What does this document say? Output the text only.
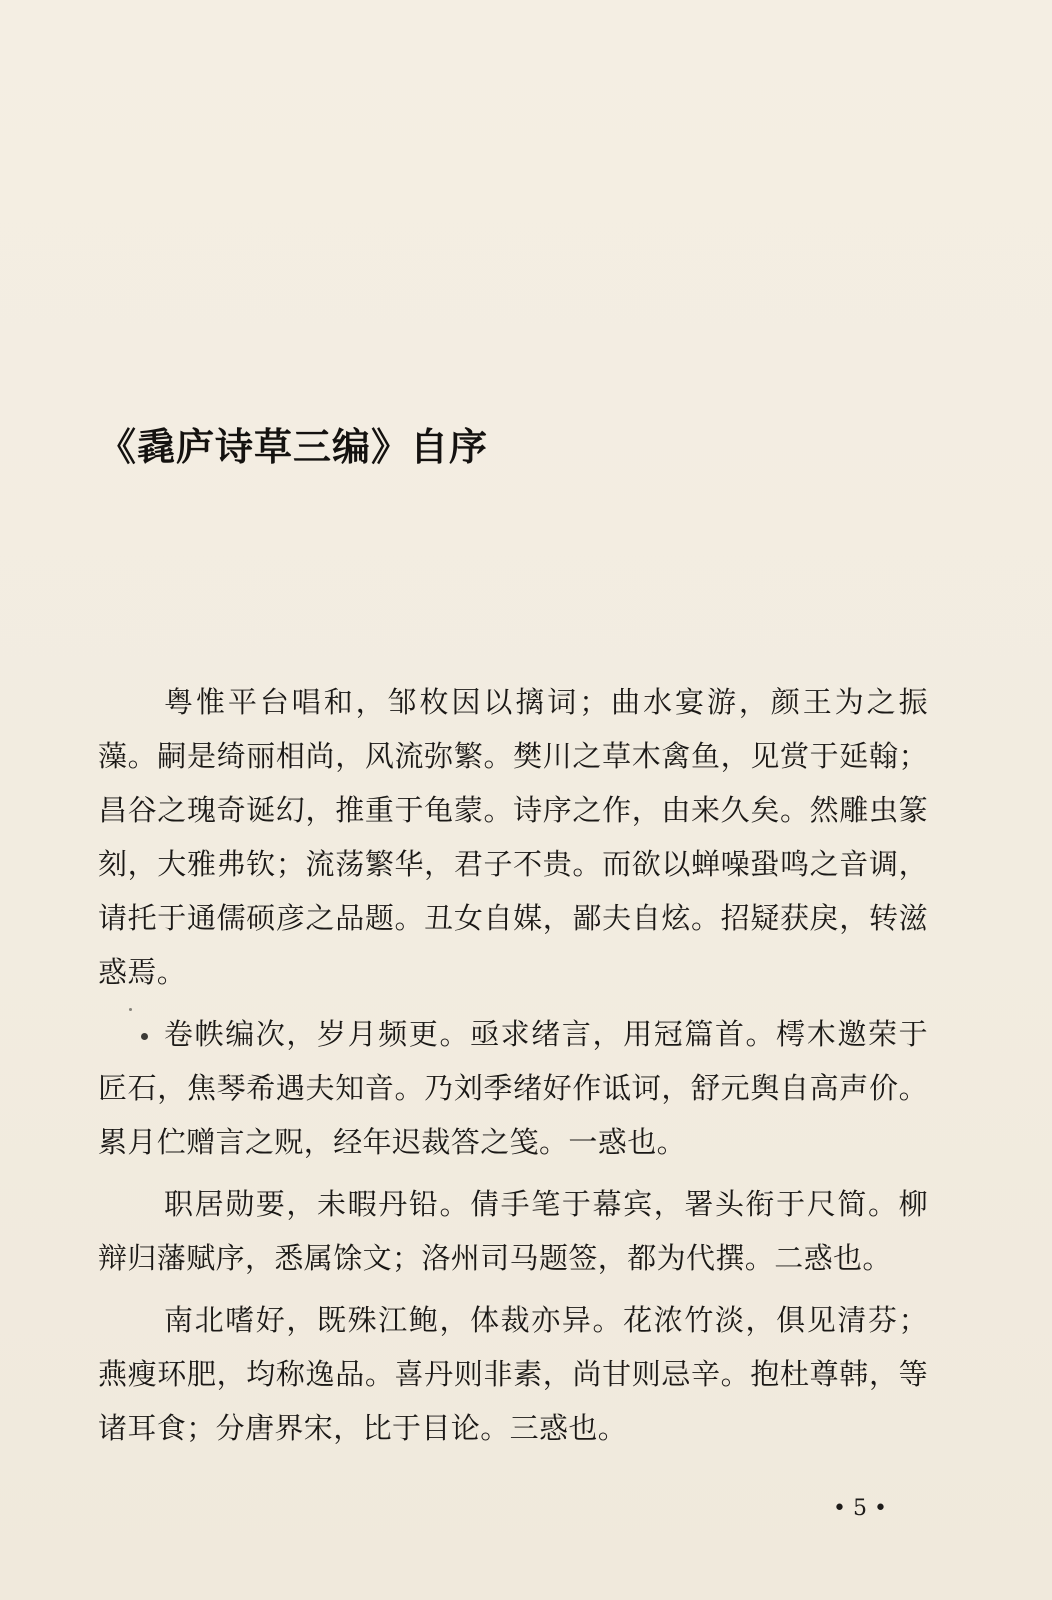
《毳庐诗草三编》自序

粤惟平台唱和，邹枚因以摛词；曲水宴游，颜王为之振藻。嗣是绮丽相尚，风流弥繁。樊川之草木禽鱼，见赏于延翰；昌谷之瑰奇诞幻，推重于龟蒙。诗序之作，由来久矣。然雕虫篆刻，大雅弗钦；流荡繁华，君子不贵。而欲以蝉噪蛩鸣之音调，请托于通儒硕彦之品题。丑女自媒，鄙夫自炫。招疑获戾，转滋惑焉。

卷帙编次，岁月频更。亟求绪言，用冠篇首。樗木邀荣于匠石，焦琴希遇夫知音。乃刘季绪好作诋诃，舒元舆自高声价。累月伫赠言之贶，经年迟裁答之笺。一惑也。

职居勋要，未暇丹铅。倩手笔于幕宾，署头衔于尺简。柳辩归藩赋序，悉属馀文；洛州司马题签，都为代撰。二惑也。

南北嗜好，既殊江鲍，体裁亦异。花浓竹淡，俱见清芬；燕瘦环肥，均称逸品。喜丹则非素，尚甘则忌辛。抱杜尊韩，等诸耳食；分唐界宋，比于目论。三惑也。

• 5 •
